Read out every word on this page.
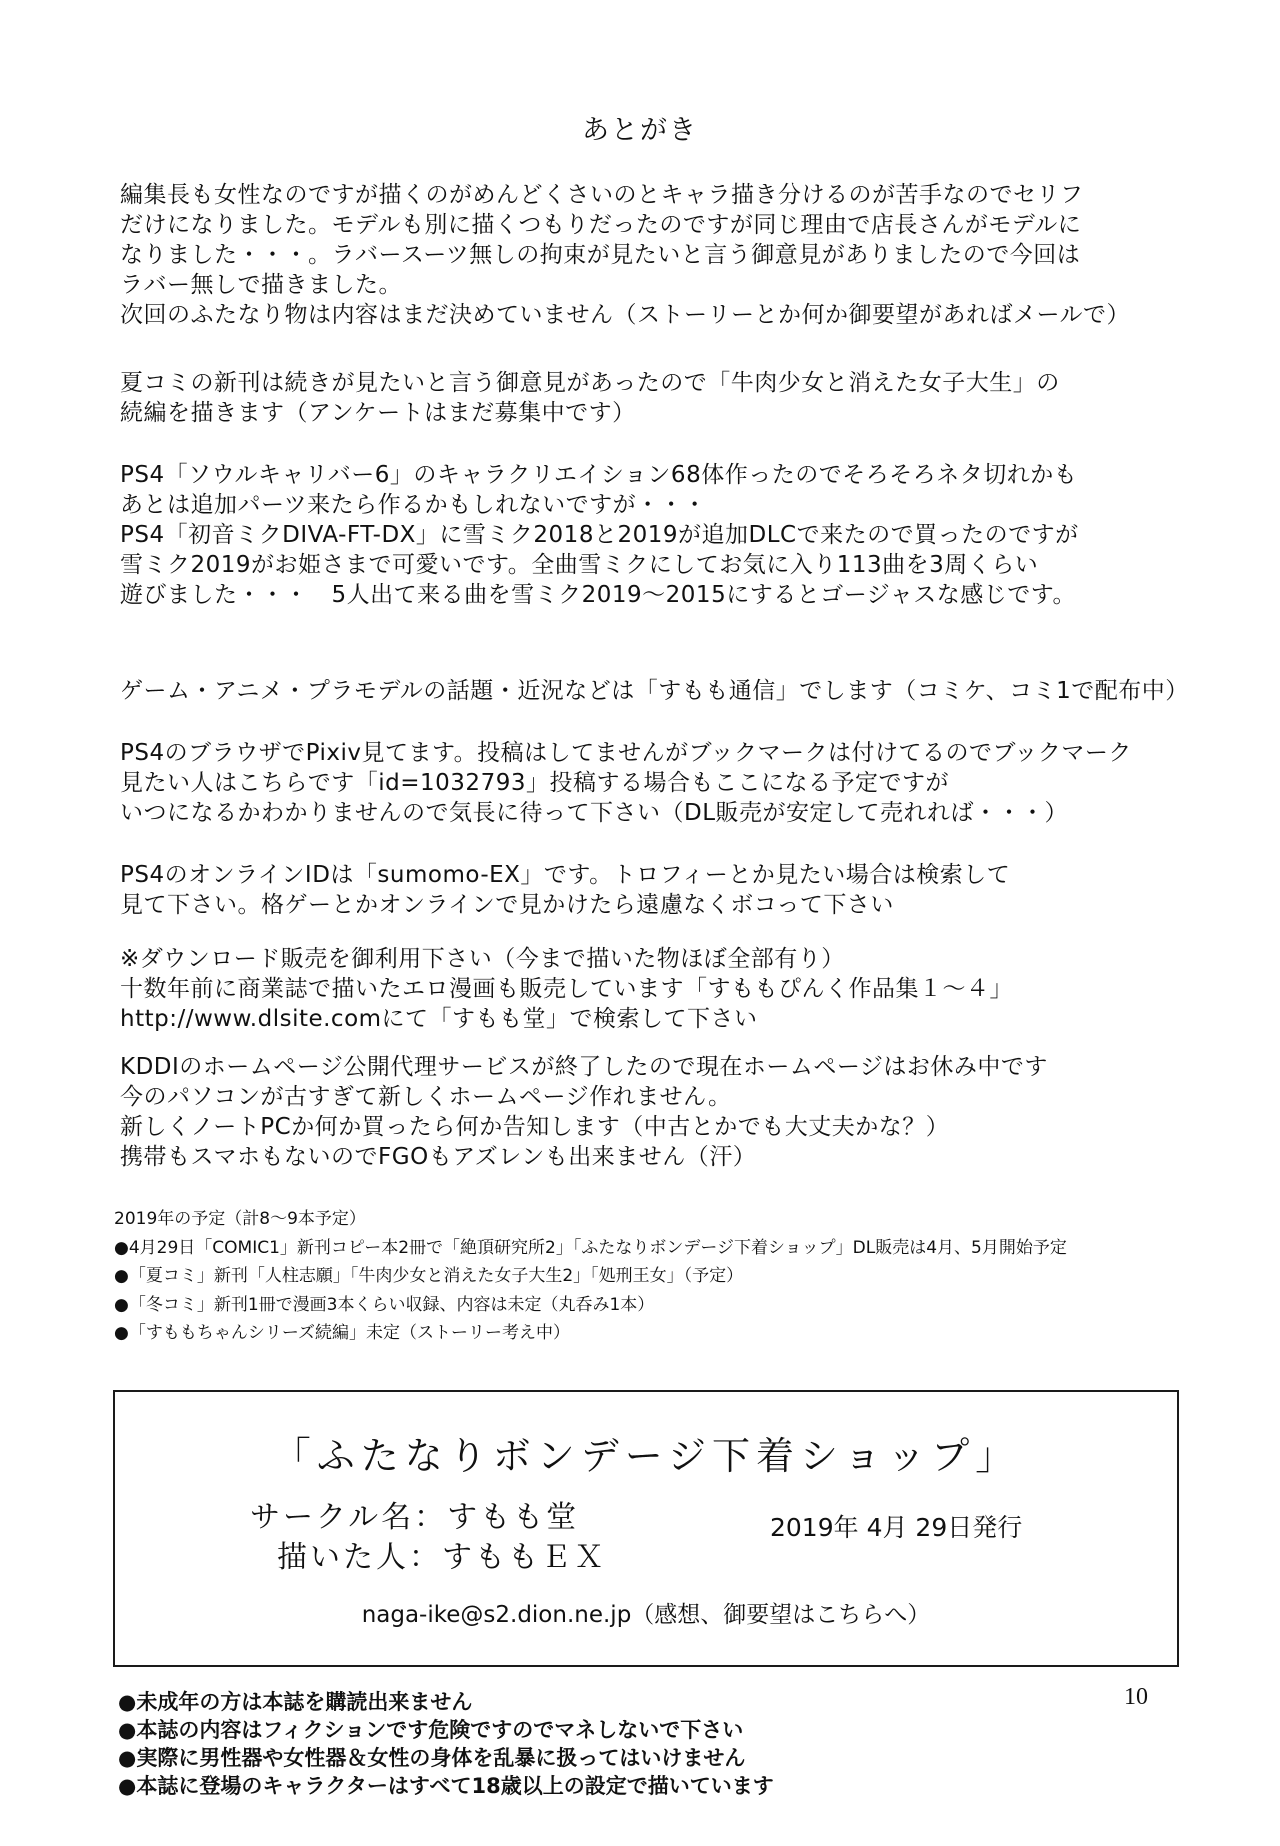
あとがき
編集長も女性なのですが描くのがめんどくさいのとキャラ描き分けるのが苦手なのでセリフ
だけになりました。モデルも別に描くつもりだったのですが同じ理由で店長さんがモデルに
なりました・・・。ラバースーツ無しの拘束が見たいと言う御意見がありましたので今回は
ラバー無しで描きました。
次回のふたなり物は内容はまだ決めていません（ストーリーとか何か御要望があればメールで）
夏コミの新刊は続きが見たいと言う御意見があったので「牛肉少女と消えた女子大生」の
続編を描きます（アンケートはまだ募集中です）
PS4「ソウルキャリバー6」のキャラクリエイション68体作ったのでそろそろネタ切れかも
あとは追加パーツ来たら作るかもしれないですが・・・
PS4「初音ミクDIVA-FT-DX」に雪ミク2018と2019が追加DLCで来たので買ったのですが
雪ミク2019がお姫さまで可愛いです。全曲雪ミクにしてお気に入り113曲を3周くらい
遊びました・・・　5人出て来る曲を雪ミク2019～2015にするとゴージャスな感じです。
ゲーム・アニメ・プラモデルの話題・近況などは「すもも通信」でします（コミケ、コミ1で配布中）
PS4のブラウザでPixiv見てます。投稿はしてませんがブックマークは付けてるのでブックマーク
見たい人はこちらです「id=1032793」投稿する場合もここになる予定ですが
いつになるかわかりませんので気長に待って下さい（DL販売が安定して売れれば・・・）
PS4のオンラインIDは「sumomo-EX」です。トロフィーとか見たい場合は検索して
見て下さい。格ゲーとかオンラインで見かけたら遠慮なくボコって下さい
※ダウンロード販売を御利用下さい（今まで描いた物ほぼ全部有り）
十数年前に商業誌で描いたエロ漫画も販売しています「すももぴんく作品集１～４」
http://www.dlsite.comにて「すもも堂」で検索して下さい
KDDIのホームページ公開代理サービスが終了したので現在ホームページはお休み中です
今のパソコンが古すぎて新しくホームページ作れません。
新しくノートPCか何か買ったら何か告知します（中古とかでも大丈夫かな？）
携帯もスマホもないのでFGOもアズレンも出来ません（汗）
2019年の予定（計8～9本予定）
●4月29日「COMIC1」新刊コピー本2冊で「絶頂研究所2」「ふたなりボンデージ下着ショップ」DL販売は4月、5月開始予定
●「夏コミ」新刊「人柱志願」「牛肉少女と消えた女子大生2」「処刑王女」（予定）
●「冬コミ」新刊1冊で漫画3本くらい収録、内容は未定（丸呑み1本）
●「すももちゃんシリーズ続編」未定（ストーリー考え中）
「ふたなりボンデージ下着ショップ」
サークル名：すもも堂
描いた人：すももＥＸ
2019年 4月 29日発行
naga-ike@s2.dion.ne.jp（感想、御要望はこちらへ）
10
●未成年の方は本誌を購読出来ません
●本誌の内容はフィクションです危険ですのでマネしないで下さい
●実際に男性器や女性器＆女性の身体を乱暴に扱ってはいけません
●本誌に登場のキャラクターはすべて18歳以上の設定で描いています
